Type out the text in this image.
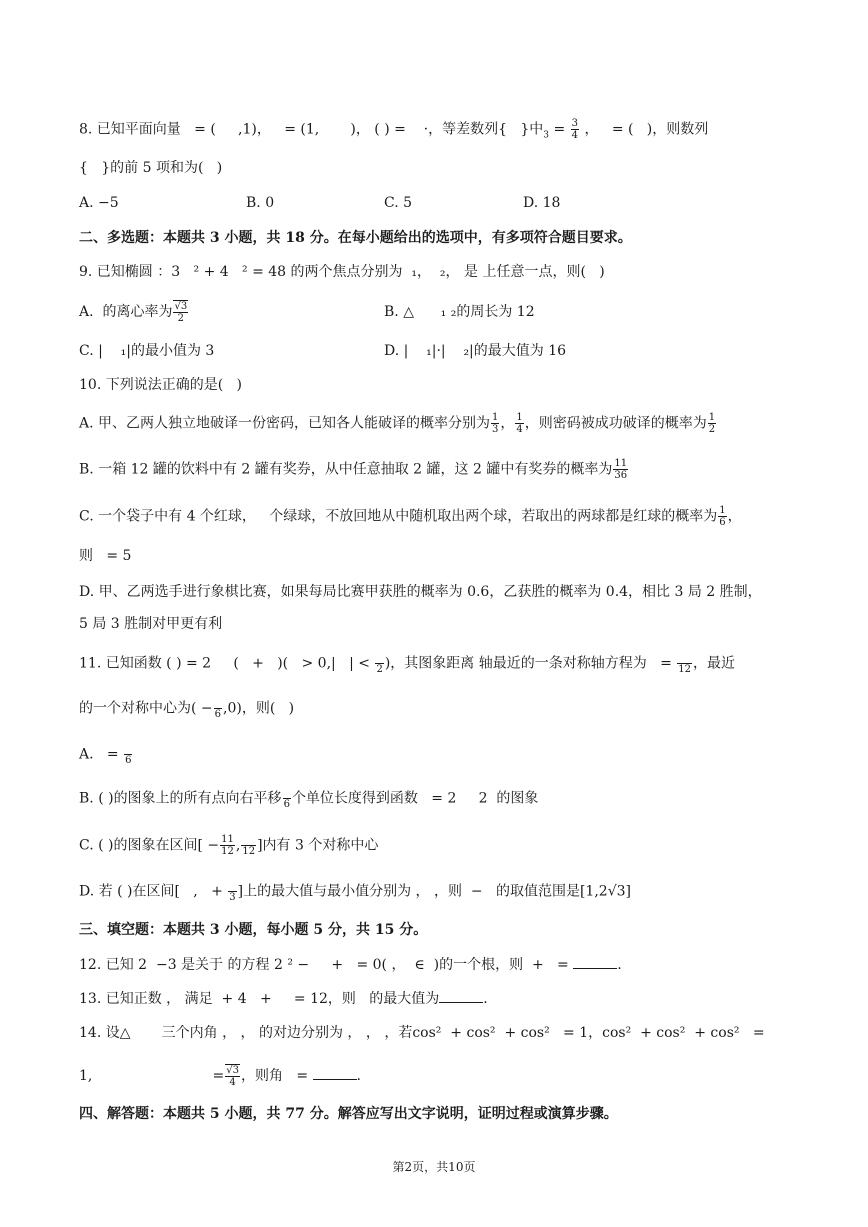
8. 已知平面向量   = (     ,1)，   = (1,       )， ( ) =    ·，等差数列{   }中$_3 = \frac{3}{4}$ ，   = (   )，则数列
{   }的前 5 项和为(   )
A. −5	B. 0	C. 5	D. 18
二、多选题：本题共 3 小题，共 18 分。在每小题给出的选项中，有多项符合题目要求。
9. 已知椭圆 ：3   ² + 4   ² = 48 的两个焦点分别为  ₁，  ₂， 是 上任意一点，则(   )
A.  的离心率为 $\frac{√3}{2}$	B. △      ₁ ₂的周长为 12
C. |    ₁|的最小值为 3	D. |    ₁|·|    ₂|的最大值为 16
10. 下列说法正确的是(   )
A. 甲、乙两人独立地破译一份密码，已知各人能破译的概率分别为 $\frac{1}{3}$ ， $\frac{1}{4}$ ，则密码被成功破译的概率为 $\frac{1}{2}$
B. 一箱 12 罐的饮料中有 2 罐有奖券，从中任意抽取 2 罐，这 2 罐中有奖券的概率为 $\frac{11}{36}$
C. 一个袋子中有 4 个红球，   个绿球，不放回地从中随机取出两个球，若取出的两球都是红球的概率为 $\frac{1}{6}$ ，
则   = 5
D. 甲、乙两选手进行象棋比赛，如果每局比赛甲获胜的概率为 0.6，乙获胜的概率为 0.4，相比 3 局 2 胜制，
5 局 3 胜制对甲更有利
11. 已知函数 ( ) = 2     (   +   )(   > 0,|   | <
2 )，其图象距离 轴最近的一条对称轴方程为   =
12 ，最近
的一个对称中心为( −
6 ,0)，则(   )
A.   =
6
B. ( )的图象上的所有点向右平移
6 个单位长度得到函数   = 2     2  的图象
C. ( )的图象在区间[ − $\frac{11}{12}$ ,
12 ]内有 3 个对称中心
D. 若 ( )在区间[   ,   +
3 ]上的最大值与最小值分别为 ， ，则  −   的取值范围是[1,2√3]
三、填空题：本题共 3 小题，每小题 5 分，共 15 分。
12. 已知 2  −3 是关于 的方程 2 ² −     +   = 0( ，  ∈  )的一个根，则  +   =	.
13. 已知正数 ， 满足  + 4   +     = 12，则   的最大值为	.
14. 设△       三个内角 ， ， 的对边分别为 ， ， ，若cos²  + cos²  + cos²   = 1，cos²  + cos²  + cos²   =
1,                           = $\frac{√3}{4}$ ，则角   =	.
四、解答题：本题共 5 小题，共 77 分。解答应写出文字说明，证明过程或演算步骤。
第2页，共10页
